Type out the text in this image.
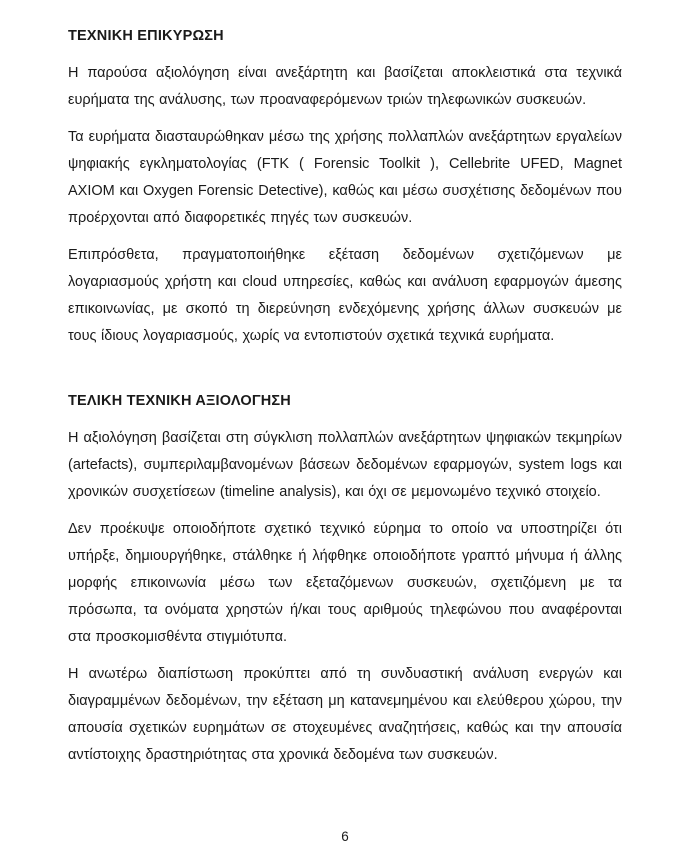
ΤΕΧΝΙΚΗ ΕΠΙΚΥΡΩΣΗ

Η παρούσα αξιολόγηση είναι ανεξάρτητη και βασίζεται αποκλειστικά στα τεχνικά ευρήματα της ανάλυσης, των προαναφερόμενων τριών τηλεφωνικών συσκευών.

Τα ευρήματα διασταυρώθηκαν μέσω της χρήσης πολλαπλών ανεξάρτητων εργαλείων ψηφιακής εγκληματολογίας (FTK ( Forensic Toolkit ), Cellebrite UFED, Magnet AXIOM και Oxygen Forensic Detective), καθώς και μέσω συσχέτισης δεδομένων που προέρχονται από διαφορετικές πηγές των συσκευών.

Επιπρόσθετα, πραγματοποιήθηκε εξέταση δεδομένων σχετιζόμενων με λογαριασμούς χρήστη και cloud υπηρεσίες, καθώς και ανάλυση εφαρμογών άμεσης επικοινωνίας, με σκοπό τη διερεύνηση ενδεχόμενης χρήσης άλλων συσκευών με τους ίδιους λογαριασμούς, χωρίς να εντοπιστούν σχετικά τεχνικά ευρήματα.

ΤΕΛΙΚΗ ΤΕΧΝΙΚΗ ΑΞΙΟΛΟΓΗΣΗ

Η αξιολόγηση βασίζεται στη σύγκλιση πολλαπλών ανεξάρτητων ψηφιακών τεκμηρίων (artefacts), συμπεριλαμβανομένων βάσεων δεδομένων εφαρμογών, system logs και χρονικών συσχετίσεων (timeline analysis), και όχι σε μεμονωμένο τεχνικό στοιχείο.

Δεν προέκυψε οποιοδήποτε σχετικό τεχνικό εύρημα το οποίο να υποστηρίζει ότι υπήρξε, δημιουργήθηκε, στάλθηκε ή λήφθηκε οποιοδήποτε γραπτό μήνυμα ή άλλης μορφής επικοινωνία μέσω των εξεταζόμενων συσκευών, σχετιζόμενη με τα πρόσωπα, τα ονόματα χρηστών ή/και τους αριθμούς τηλεφώνου που αναφέρονται στα προσκομισθέντα στιγμιότυπα.

Η ανωτέρω διαπίστωση προκύπτει από τη συνδυαστική ανάλυση ενεργών και διαγραμμένων δεδομένων, την εξέταση μη κατανεμημένου και ελεύθερου χώρου, την απουσία σχετικών ευρημάτων σε στοχευμένες αναζητήσεις, καθώς και την απουσία αντίστοιχης δραστηριότητας στα χρονικά δεδομένα των συσκευών.

6
